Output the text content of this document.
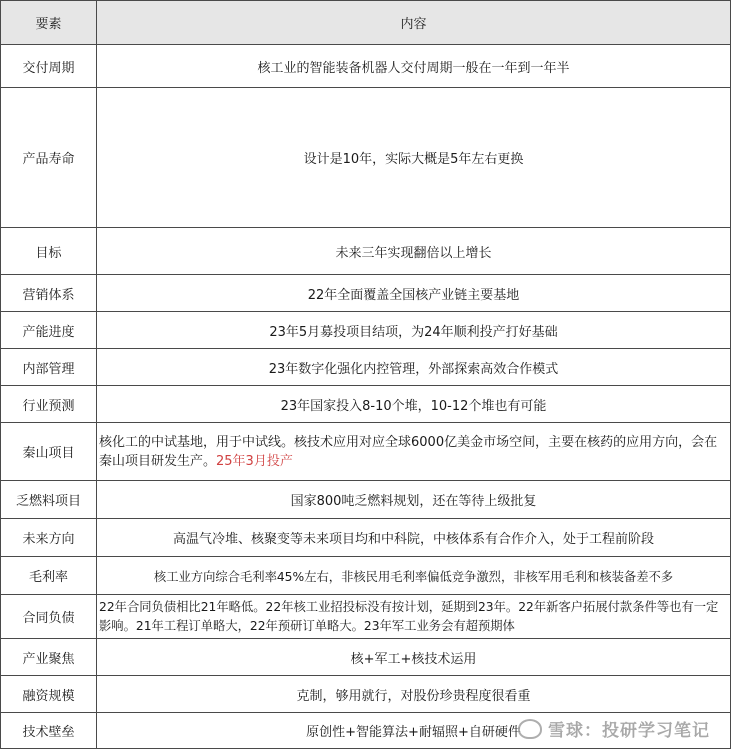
要素	内容
交付周期	核工业的智能装备机器人交付周期一般在一年到一年半
产品寿命	设计是10年，实际大概是5年左右更换
目标	未来三年实现翻倍以上增长
营销体系	22年全面覆盖全国核产业链主要基地
产能进度	23年5月募投项目结项，为24年顺利投产打好基础
内部管理	23年数字化强化内控管理，外部探索高效合作模式
行业预测	23年国家投入8-10个堆，10-12个堆也有可能
秦山项目	核化工的中试基地，用于中试线。核技术应用对应全球6000亿美金市场空间，主要在核药的应用方向，会在秦山项目研发生产。25年3月投产
乏燃料项目	国家800吨乏燃料规划，还在等待上级批复
未来方向	高温气冷堆、核聚变等未来项目均和中科院，中核体系有合作介入，处于工程前阶段
毛利率	核工业方向综合毛利率45%左右，非核民用毛利率偏低竞争激烈，非核军用毛利和核装备差不多
合同负债	22年合同负债相比21年略低。22年核工业招投标没有按计划，延期到23年。22年新客户拓展付款条件等也有一定影响。21年工程订单略大，22年预研订单略大。23年军工业务会有超预期体
产业聚焦	核+军工+核技术运用
融资规模	克制，够用就行，对股份珍贵程度很看重
技术壁垒	原创性+智能算法+耐辐照+自研硬件	雪球：投研学习笔记
